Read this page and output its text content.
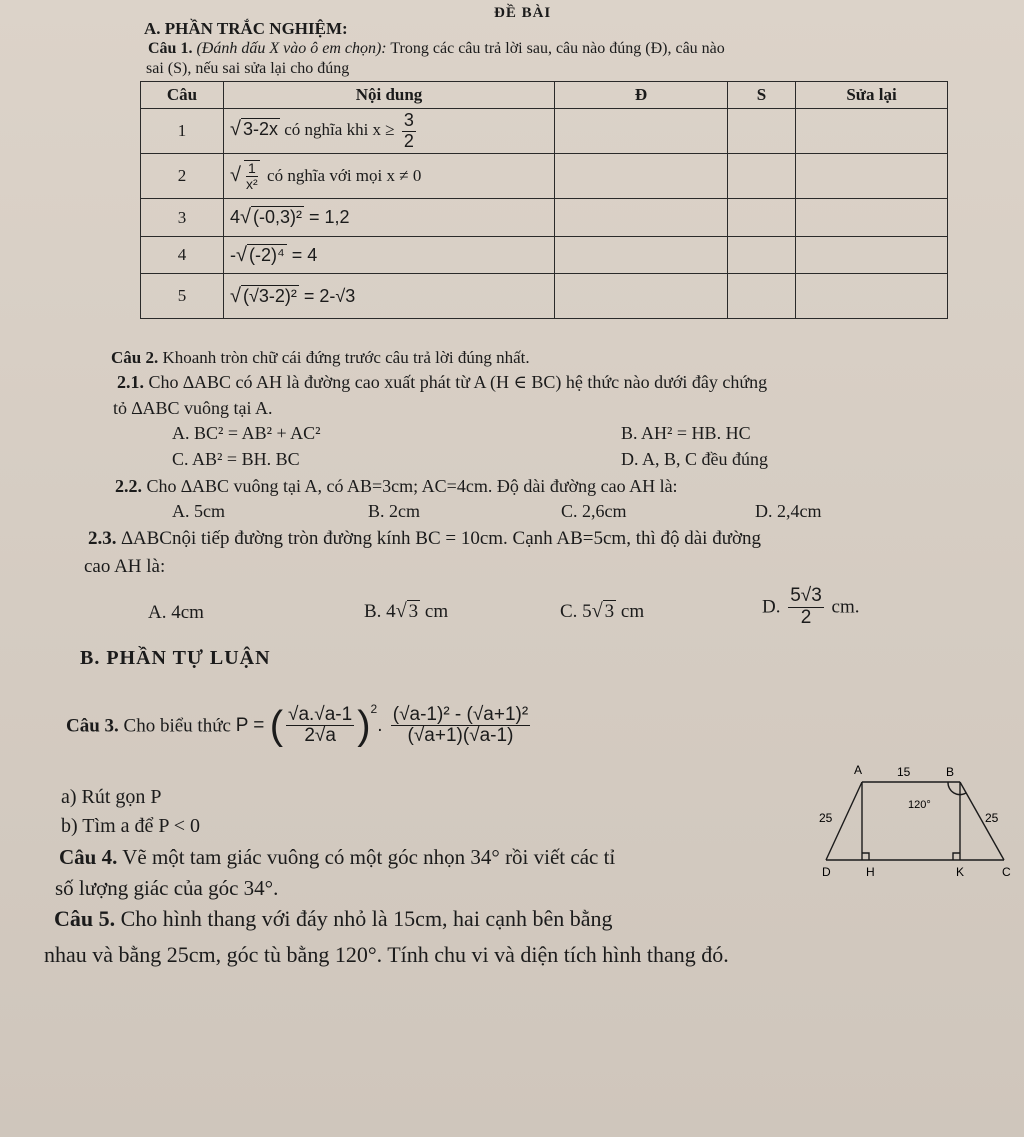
ĐỀ BÀI
A. PHẦN TRẮC NGHIỆM:
Câu 1. (Đánh dấu X vào ô em chọn): Trong các câu trả lời sau, câu nào đúng (Đ), câu nào
sai (S), nếu sai sửa lại cho đúng
Câu	Nội dung	Đ	S	Sửa lại
1	√ 3-2x có nghĩa khi $x \ge \frac{3}{2}$

2	√ $\frac{1}{\text{x²}}$ có nghĩa với mọi x ≠ 0			
3	4√ (-0,3)² = 1,2			
4	-√ (-2)⁴ = 4			
5	√ (√3-2)² = 2-√3			
Câu 2. Khoanh tròn chữ cái đứng trước câu trả lời đúng nhất.
2.1. Cho ∆ABC có AH là đường cao xuất phát từ A (H ∈ BC) hệ thức nào dưới đây chứng
tỏ ∆ABC vuông tại A.
A. BC² = AB² + AC²	B. AH² = HB. HC
C. AB² = BH. BC	D. A, B, C đều đúng
2.2. Cho ∆ABC vuông tại A, có AB=3cm; AC=4cm. Độ dài đường cao AH là:
A. 5cm	B. 2cm	C. 2,6cm	D. 2,4cm
2.3. ∆ABCnội tiếp đường tròn đường kính BC = 10cm. Cạnh AB=5cm, thì độ dài đường
cao AH là:
A. 4cm	B. 4√ 3 cm	C. 5√ 3 cm	D. $\frac{5√3}{2}$ cm.
B. PHẦN TỰ LUẬN
Câu 3. Cho biểu thức P = ( $\frac{√a.√a-1}{2√a} )^2$. $\frac{\text{(√a-1)² - (√a+1)²}}{(√a+1)(√a-1)}$
a) Rút gọn P
b) Tìm a để P < 0
Câu 4. Vẽ một tam giác vuông có một góc nhọn 34° rồi viết các tỉ
số lượng giác của góc 34°.
Câu 5. Cho hình thang với đáy nhỏ là 15cm, hai cạnh bên bằng
nhau và bằng 25cm, góc tù bằng 120°. Tính chu vi và diện tích hình thang đó.
A	B
15
25	25
120°
D	H	K	C
